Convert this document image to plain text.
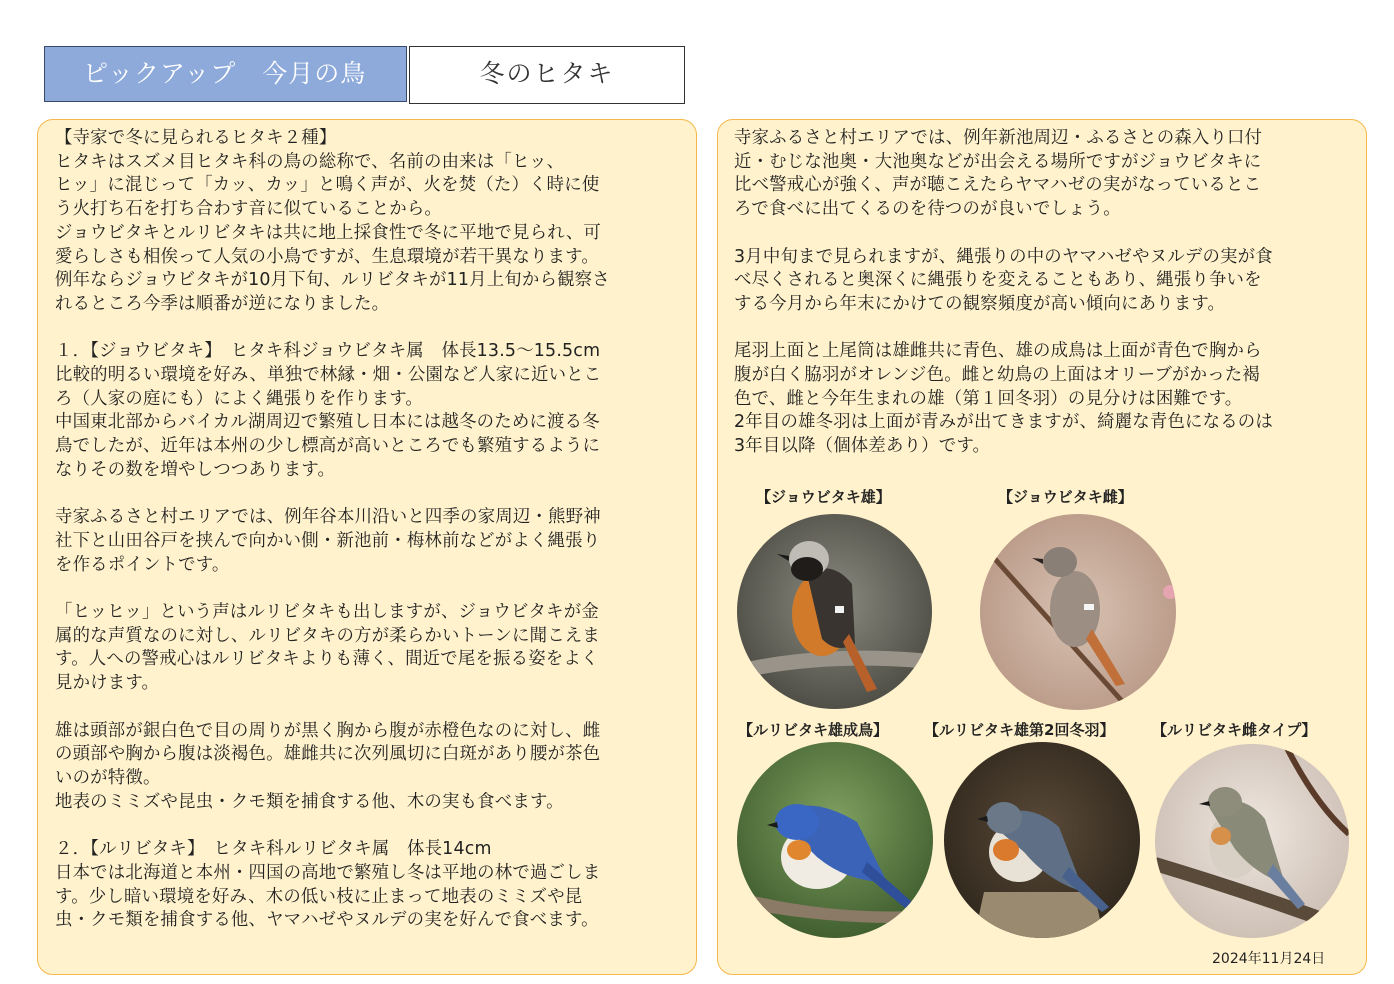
ピックアップ　今月の鳥	冬のヒタキ
【寺家で冬に見られるヒタキ２種】
ヒタキはスズメ目ヒタキ科の鳥の総称で、名前の由来は「ヒッ、
ヒッ」に混じって「カッ、カッ」と鳴く声が、火を焚（た）く時に使
う火打ち石を打ち合わす音に似ていることから。
ジョウビタキとルリビタキは共に地上採食性で冬に平地で見られ、可
愛らしさも相俟って人気の小鳥ですが、生息環境が若干異なります。
例年ならジョウビタキが10月下旬、ルリビタキが11月上旬から観察さ
れるところ今季は順番が逆になりました。

１．【ジョウビタキ】　ヒタキ科ジョウビタキ属　体長13.5～15.5cm
比較的明るい環境を好み、単独で林縁・畑・公園など人家に近いとこ
ろ（人家の庭にも）によく縄張りを作ります。
中国東北部からバイカル湖周辺で繁殖し日本には越冬のために渡る冬
鳥でしたが、近年は本州の少し標高が高いところでも繁殖するように
なりその数を増やしつつあります。

寺家ふるさと村エリアでは、例年谷本川沿いと四季の家周辺・熊野神
社下と山田谷戸を挟んで向かい側・新池前・梅林前などがよく縄張り
を作るポイントです。

「ヒッヒッ」という声はルリビタキも出しますが、ジョウビタキが金
属的な声質なのに対し、ルリビタキの方が柔らかいトーンに聞こえま
す。人への警戒心はルリビタキよりも薄く、間近で尾を振る姿をよく
見かけます。

雄は頭部が銀白色で目の周りが黒く胸から腹が赤橙色なのに対し、雌
の頭部や胸から腹は淡褐色。雄雌共に次列風切に白斑があり腰が茶色
いのが特徴。
地表のミミズや昆虫・クモ類を捕食する他、木の実も食べます。

２．【ルリビタキ】　ヒタキ科ルリビタキ属　体長14cm
日本では北海道と本州・四国の高地で繁殖し冬は平地の林で過ごしま
す。少し暗い環境を好み、木の低い枝に止まって地表のミミズや昆
虫・クモ類を捕食する他、ヤマハゼやヌルデの実を好んで食べます。
寺家ふるさと村エリアでは、例年新池周辺・ふるさとの森入り口付
近・むじな池奥・大池奥などが出会える場所ですがジョウビタキに
比べ警戒心が強く、声が聴こえたらヤマハゼの実がなっているとこ
ろで食べに出てくるのを待つのが良いでしょう。

3月中旬まで見られますが、縄張りの中のヤマハゼやヌルデの実が食
べ尽くされると奥深くに縄張りを変えることもあり、縄張り争いを
する今月から年末にかけての観察頻度が高い傾向にあります。

尾羽上面と上尾筒は雄雌共に青色、雄の成鳥は上面が青色で胸から
腹が白く脇羽がオレンジ色。雌と幼鳥の上面はオリーブがかった褐
色で、雌と今年生まれの雄（第１回冬羽）の見分けは困難です。
2年目の雄冬羽は上面が青みが出てきますが、綺麗な青色になるのは
3年目以降（個体差あり）です。
【ジョウビタキ雄】	【ジョウビタキ雌】
【ルリビタキ雄成鳥】 【ルリビタキ雄第2回冬羽】	【ルリビタキ雌タイプ】
2024年11月24日
